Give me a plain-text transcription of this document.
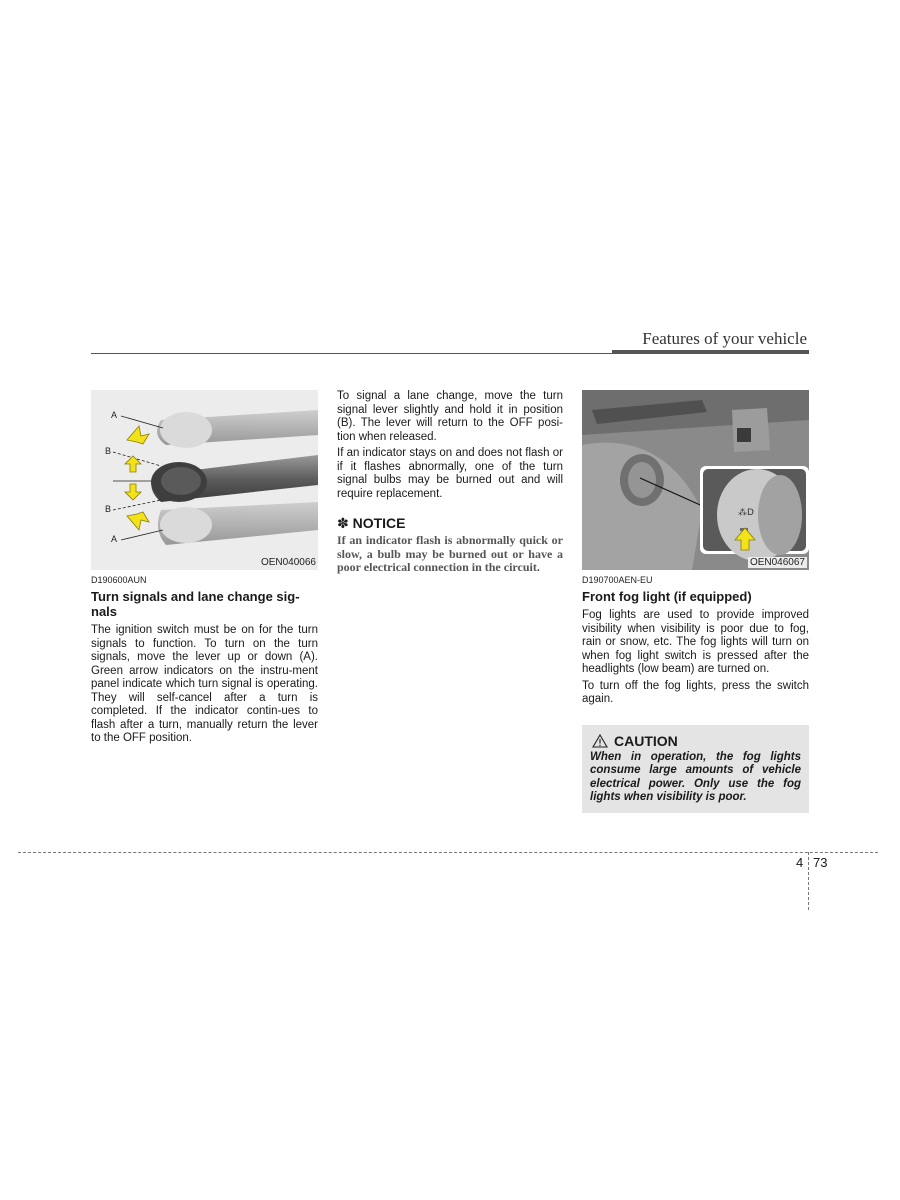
Features of your vehicle
A
B
B
A
OEN040066
D190600AUN
Turn signals and lane change sig-nals

The ignition switch must be on for the turn signals to function. To turn on the turn signals, move the lever up or down (A). Green arrow indicators on the instru-ment panel indicate which turn signal is operating. They will self-cancel after a turn is completed. If the indicator contin-ues to flash after a turn, manually return the lever to the OFF position.

To signal a lane change, move the turn signal lever slightly and hold it in position (B). The lever will return to the OFF posi-tion when released.

If an indicator stays on and does not flash or if it flashes abnormally, one of the turn signal bulbs may be burned out and will require replacement.

✽ NOTICE
If an indicator flash is abnormally quick or slow, a bulb may be burned out or have a poor electrical connection in the circuit.
⁂D
OEN046067
D190700AEN-EU
Front fog light (if equipped)

Fog lights are used to provide improved visibility when visibility is poor due to fog, rain or snow, etc. The fog lights will turn on when fog light switch is pressed after the headlights (low beam) are turned on.

To turn off the fog lights, press the switch again.

CAUTION
When in operation, the fog lights consume large amounts of vehicle electrical power. Only use the fog lights when visibility is poor.
4 73
